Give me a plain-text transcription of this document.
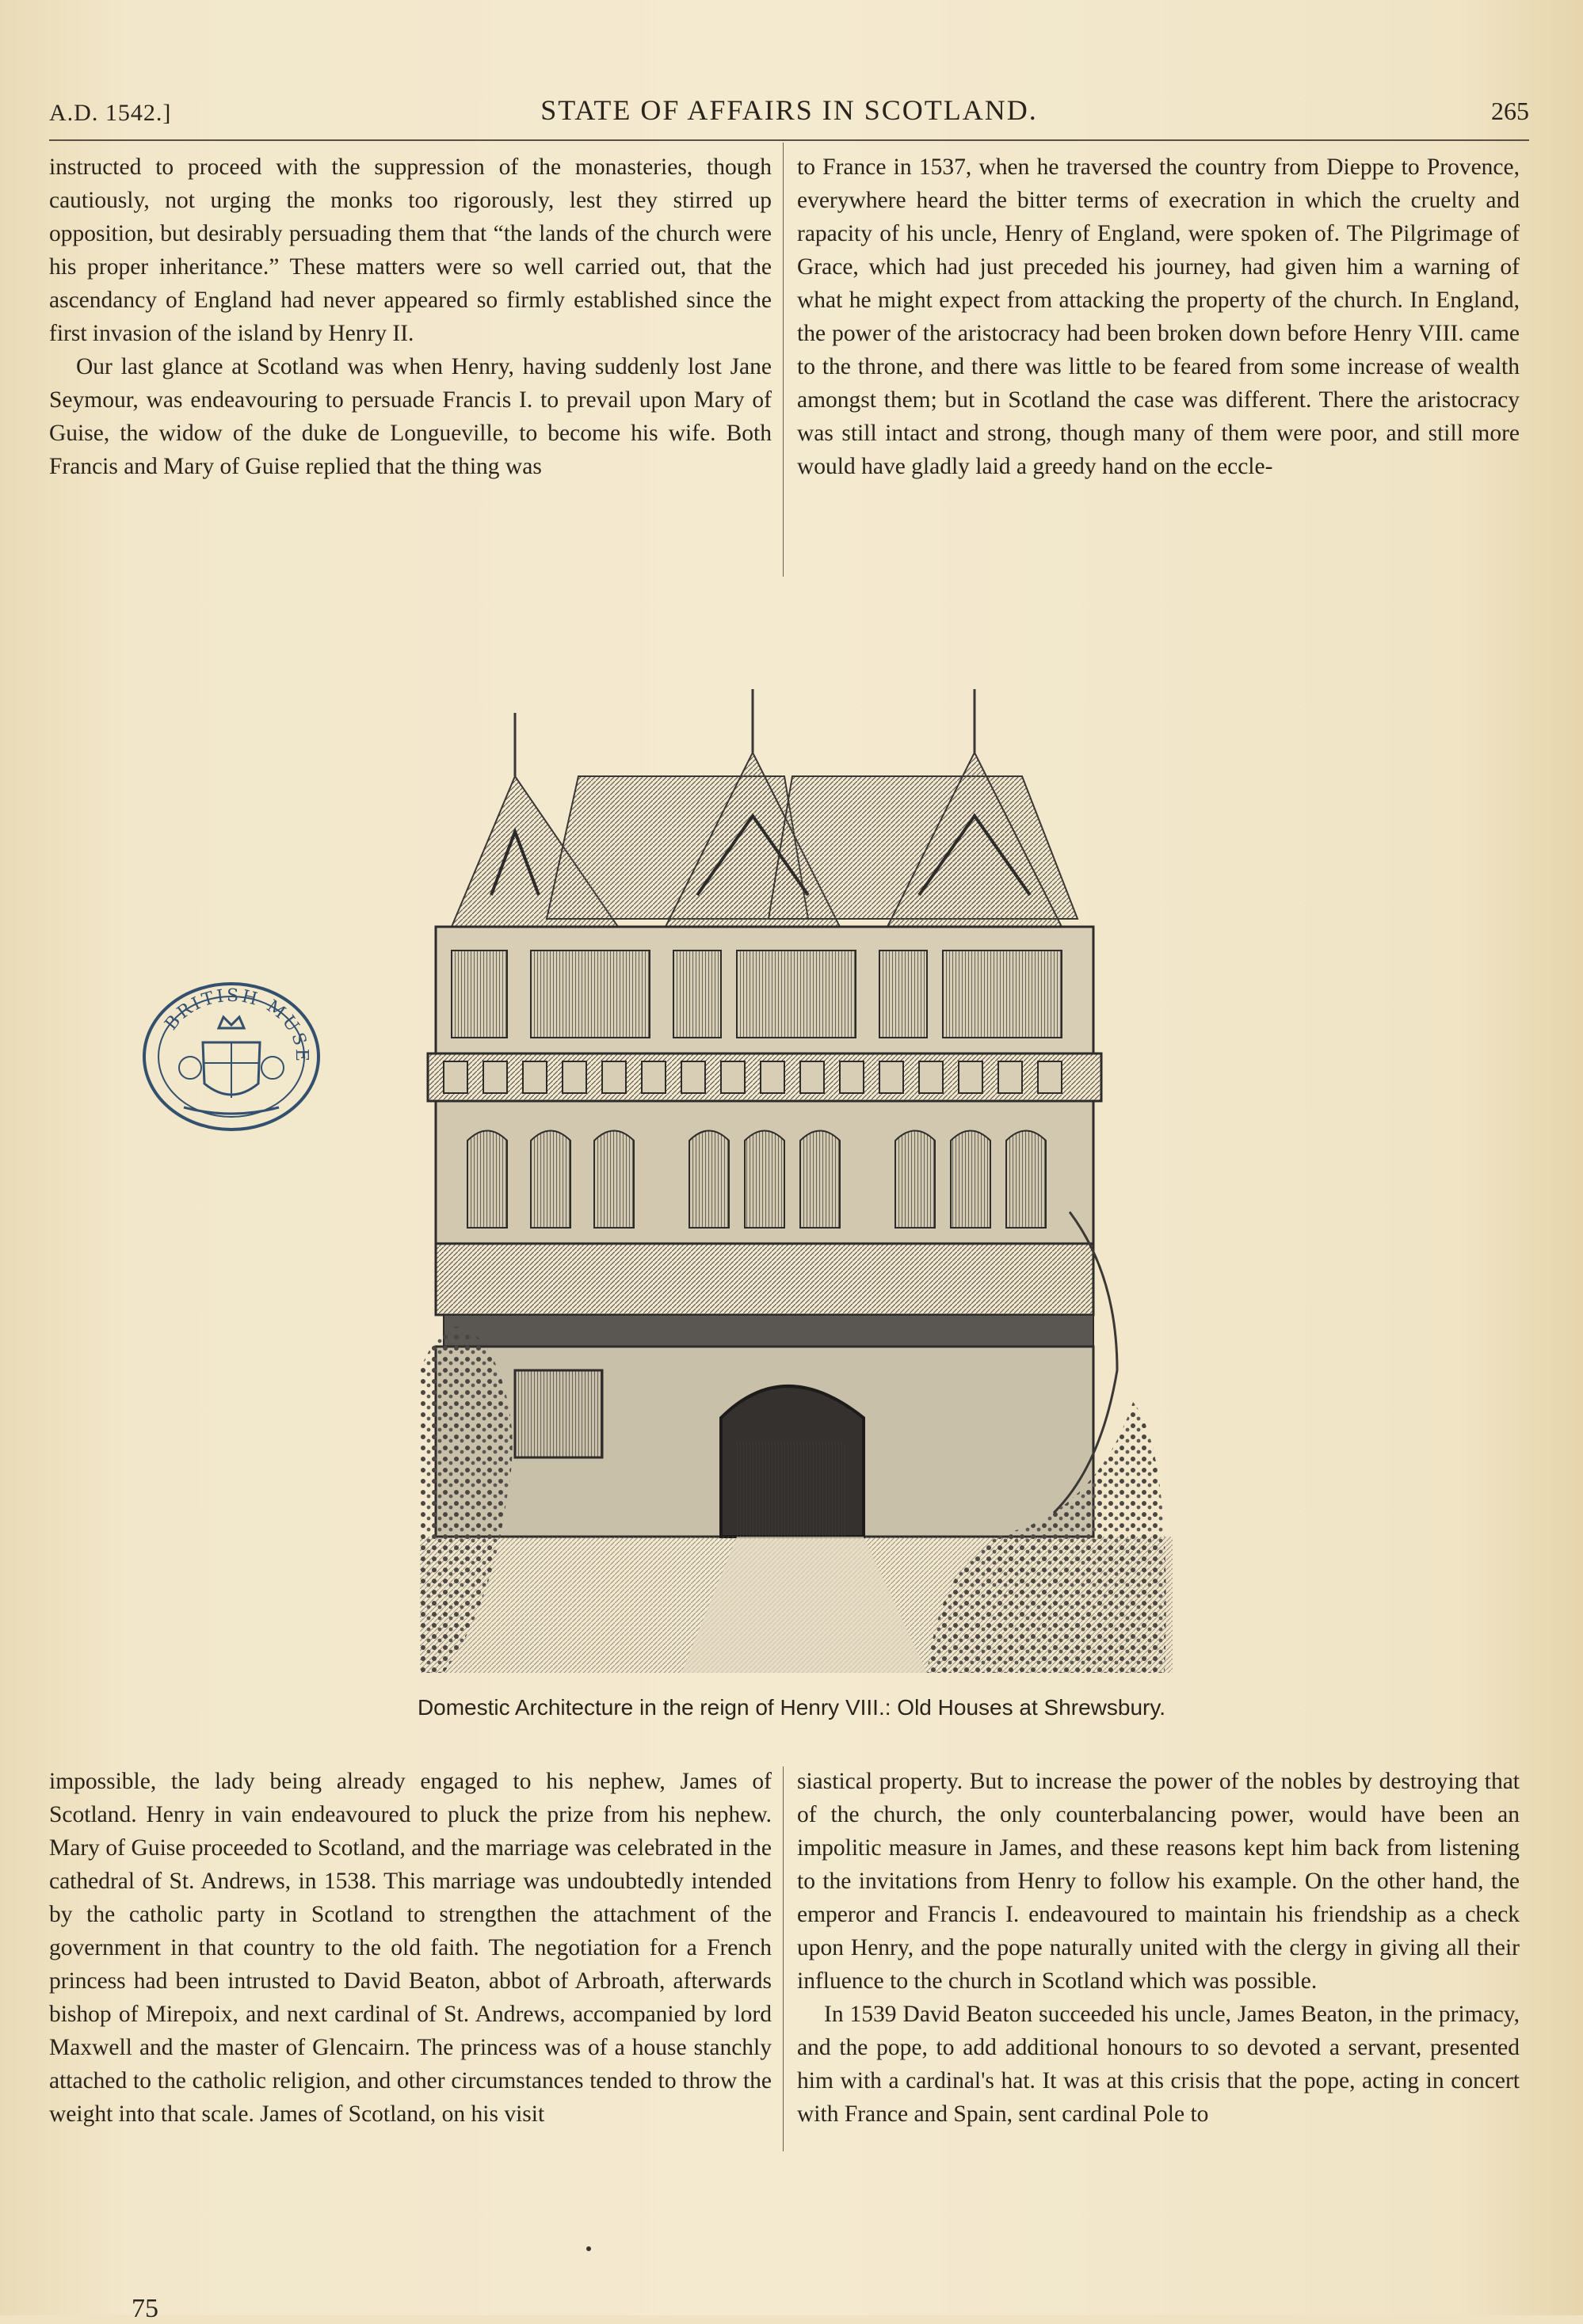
A.D. 1542.]	STATE OF AFFAIRS IN SCOTLAND.	265

instructed to proceed with the suppression of the monasteries, though cautiously, not urging the monks too rigorously, lest they stirred up opposition, but desirably persuading them that “the lands of the church were his proper inheritance.” These matters were so well carried out, that the ascendancy of England had never appeared so firmly established since the first invasion of the island by Henry II.

Our last glance at Scotland was when Henry, having suddenly lost Jane Seymour, was endeavouring to persuade Francis I. to prevail upon Mary of Guise, the widow of the duke de Longueville, to become his wife. Both Francis and Mary of Guise replied that the thing was

to France in 1537, when he traversed the country from Dieppe to Provence, everywhere heard the bitter terms of execration in which the cruelty and rapacity of his uncle, Henry of England, were spoken of. The Pilgrimage of Grace, which had just preceded his journey, had given him a warning of what he might expect from attacking the property of the church. In England, the power of the aristocracy had been broken down before Henry VIII. came to the throne, and there was little to be feared from some increase of wealth amongst them; but in Scotland the case was different. There the aristocracy was still intact and strong, though many of them were poor, and still more would have gladly laid a greedy hand on the eccle-

BRITISH MUSE
Domestic Architecture in the reign of Henry VIII.: Old Houses at Shrewsbury.

impossible, the lady being already engaged to his nephew, James of Scotland. Henry in vain endeavoured to pluck the prize from his nephew. Mary of Guise proceeded to Scotland, and the marriage was celebrated in the cathedral of St. Andrews, in 1538. This marriage was undoubtedly intended by the catholic party in Scotland to strengthen the attachment of the government in that country to the old faith. The negotiation for a French princess had been intrusted to David Beaton, abbot of Arbroath, afterwards bishop of Mirepoix, and next cardinal of St. Andrews, accompanied by lord Maxwell and the master of Glencairn. The princess was of a house stanchly attached to the catholic religion, and other circumstances tended to throw the weight into that scale. James of Scotland, on his visit

siastical property. But to increase the power of the nobles by destroying that of the church, the only counterbalancing power, would have been an impolitic measure in James, and these reasons kept him back from listening to the invitations from Henry to follow his example. On the other hand, the emperor and Francis I. endeavoured to maintain his friendship as a check upon Henry, and the pope naturally united with the clergy in giving all their influence to the church in Scotland which was possible.

In 1539 David Beaton succeeded his uncle, James Beaton, in the primacy, and the pope, to add additional honours to so devoted a servant, presented him with a cardinal's hat. It was at this crisis that the pope, acting in concert with France and Spain, sent cardinal Pole to

75
